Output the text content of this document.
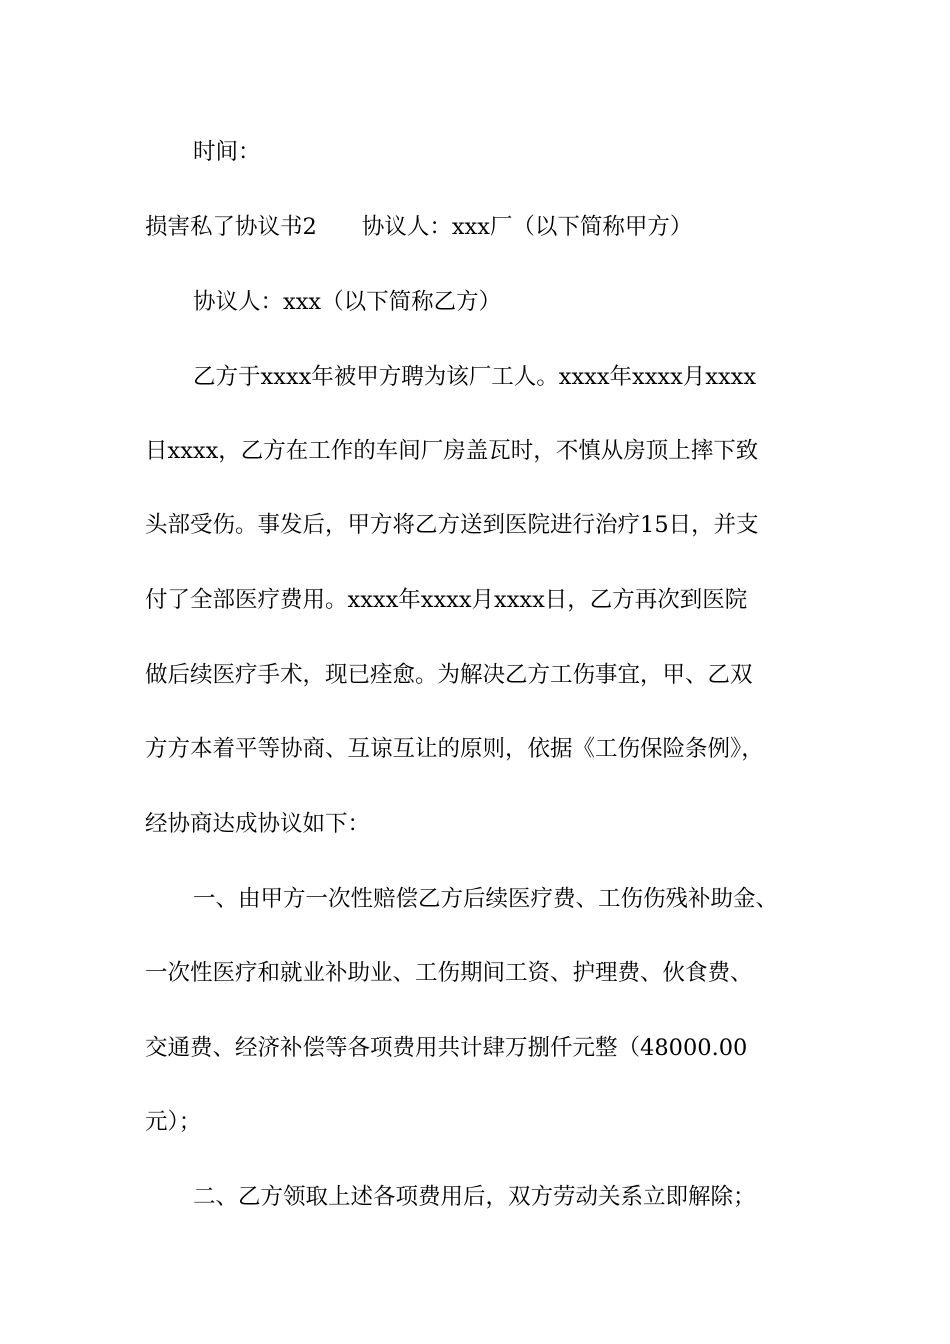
时间：
损害私了协议书2　　协议人：xxx厂（以下简称甲方）
协议人：xxx（以下简称乙方）
乙方于xxxx年被甲方聘为该厂工人。xxxx年xxxx月xxxx
日xxxx，乙方在工作的车间厂房盖瓦时，不慎从房顶上摔下致
头部受伤。事发后，甲方将乙方送到医院进行治疗15日，并支
付了全部医疗费用。xxxx年xxxx月xxxx日，乙方再次到医院
做后续医疗手术，现已痊愈。为解决乙方工伤事宜，甲、乙双
方方本着平等协商、互谅互让的原则，依据《工伤保险条例》，
经协商达成协议如下：
一、由甲方一次性赔偿乙方后续医疗费、工伤伤残补助金、
一次性医疗和就业补助业、工伤期间工资、护理费、伙食费、
交通费、经济补偿等各项费用共计肆万捌仟元整（48000.00
元）；
二、乙方领取上述各项费用后，双方劳动关系立即解除；
